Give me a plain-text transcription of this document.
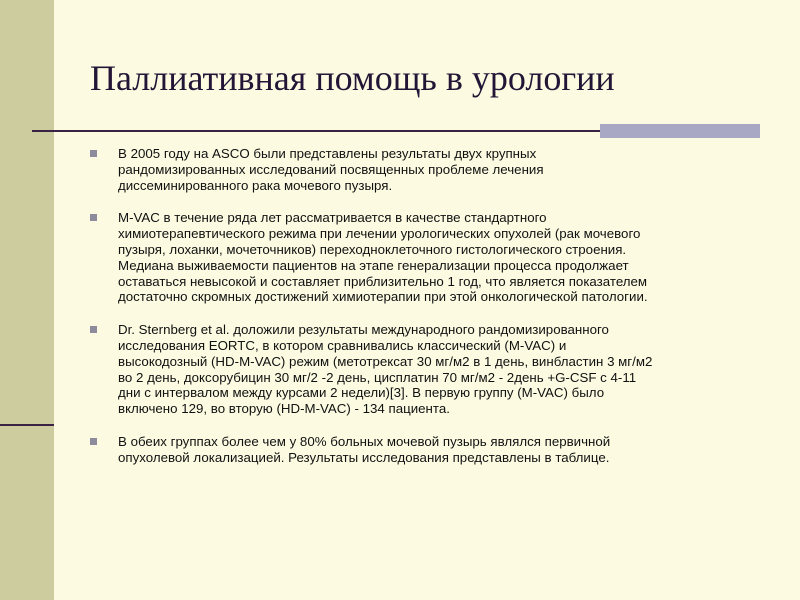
Паллиативная помощь в урологии
В 2005 году на ASCO были представлены результаты двух крупных
рандомизированных исследований посвященных проблеме лечения
диссеминированного рака мочевого пузыря.
M-VAC в течение ряда лет рассматривается в качестве стандартного
химиотерапевтического режима при лечении урологических опухолей (рак мочевого
пузыря, лоханки, мочеточников) переходноклеточного гистологического строения.
Медиана выживаемости пациентов на этапе генерализации процесса продолжает
оставаться невысокой и составляет приблизительно 1 год, что является показателем
достаточно скромных достижений химиотерапии при этой онкологической патологии.
Dr. Sternberg et al. доложили результаты международного рандомизированного
исследования EORTC, в котором сравнивались классический (M-VAC) и
высокодозный (HD-M-VAC) режим (метотрексат 30 мг/м2 в 1 день, винбластин 3 мг/м2
во 2 день, доксорубицин 30 мг/2 -2 день, цисплатин 70 мг/м2 - 2день +G-CSF с 4-11
дни с интервалом между курсами 2 недели)[3]. В первую группу (M-VAC) было
включено 129, во вторую (HD-M-VAC) - 134 пациента.
В обеих группах более чем у 80% больных мочевой пузырь являлся первичной
опухолевой локализацией. Результаты исследования представлены в таблице.
